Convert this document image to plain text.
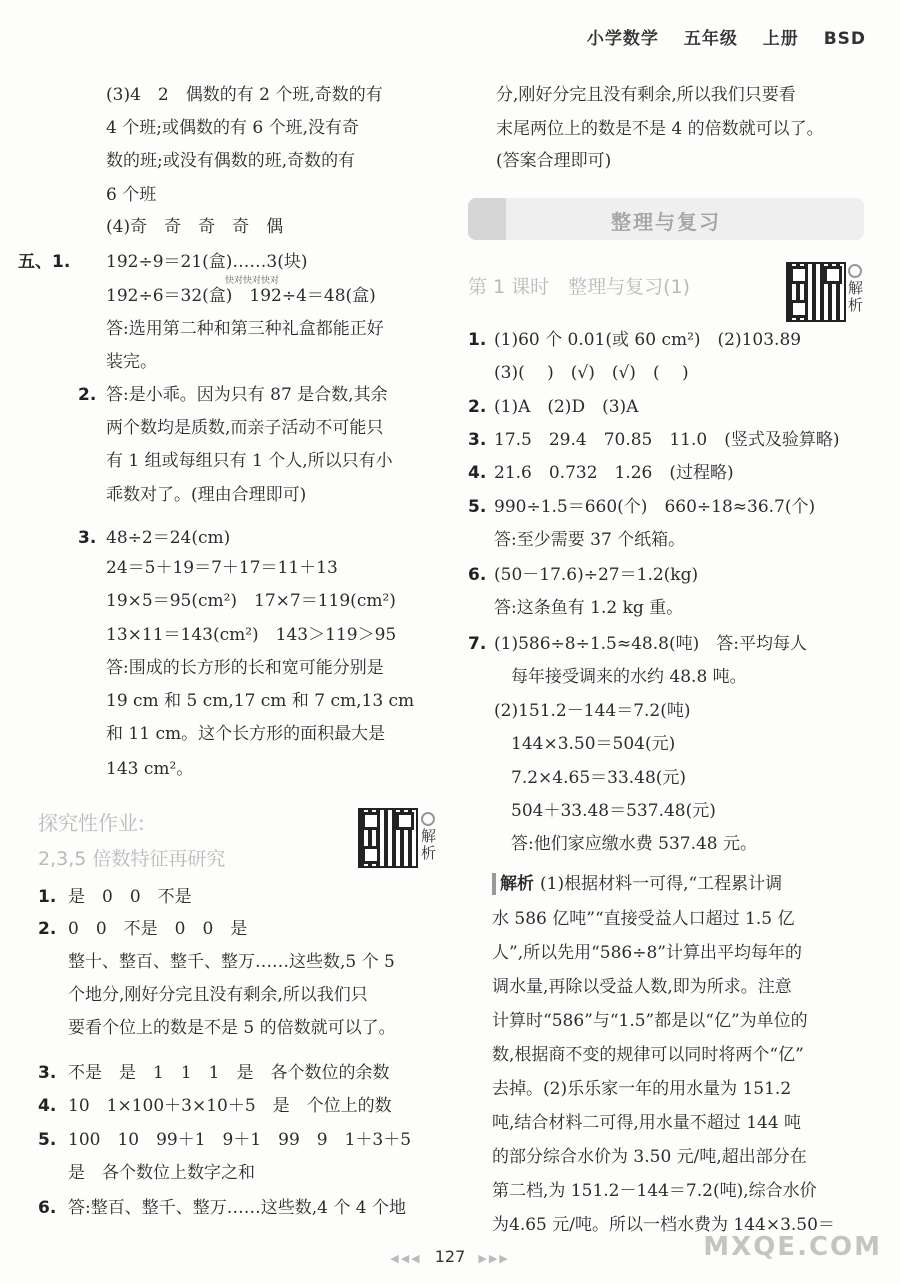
小学数学 五年级 上册 BSD
(3)4　2　偶数的有 2 个班,奇数的有
4 个班;或偶数的有 6 个班,没有奇
数的班;或没有偶数的班,奇数的有
6 个班
(4)奇　奇　奇　奇　偶
五、1. 192÷9＝21(盒)……3(块)
192÷6＝32(盒)　192÷4＝48(盒)
答:选用第二种和第三种礼盒都能正好
装完。
2. 答:是小乖。因为只有 87 是合数,其余
两个数均是质数,而亲子活动不可能只
有 1 组或每组只有 1 个人,所以只有小
乖数对了。(理由合理即可)
3. 48÷2＝24(cm)
24＝5＋19＝7＋17＝11＋13
19×5＝95(cm²)　17×7＝119(cm²)
13×11＝143(cm²)　143＞119＞95
答:围成的长方形的长和宽可能分别是
19 cm 和 5 cm,17 cm 和 7 cm,13 cm
和 11 cm。这个长方形的面积最大是
143 cm²。
探究性作业:
2,3,5 倍数特征再研究
解析
1. 是　0　0　不是
2. 0　0　不是　0　0　是
整十、整百、整千、整万……这些数,5 个 5
个地分,刚好分完且没有剩余,所以我们只
要看个位上的数是不是 5 的倍数就可以了。
3. 不是　是　1　1　1　是　各个数位的余数
4. 10　1×100＋3×10＋5　是　个位上的数
5. 100　10　99＋1　9＋1　99　9　1＋3＋5
是　各个数位上数字之和
6. 答:整百、整千、整万……这些数,4 个 4 个地
快对快对快对
分,刚好分完且没有剩余,所以我们只要看
末尾两位上的数是不是 4 的倍数就可以了。
(答案合理即可)
整理与复习
第 1 课时　整理与复习(1)	解析
1. (1)60 个 0.01(或 60 cm²)　(2)103.89
(3)(　 )　(√)　(√)　(　 )
2. (1)A　(2)D　(3)A
3. 17.5　29.4　70.85　11.0　(竖式及验算略)
4. 21.6　0.732　1.26　(过程略)
5. 990÷1.5＝660(个)　660÷18≈36.7(个)
答:至少需要 37 个纸箱。
6. (50－17.6)÷27＝1.2(kg)
答:这条鱼有 1.2 kg 重。
7. (1)586÷8÷1.5≈48.8(吨)　答:平均每人
　每年接受调来的水约 48.8 吨。
(2)151.2－144＝7.2(吨)
　144×3.50＝504(元)
　7.2×4.65＝33.48(元)
　504＋33.48＝537.48(元)
　答:他们家应缴水费 537.48 元。
解析 (1)根据材料一可得,“工程累计调
水 586 亿吨”“直接受益人口超过 1.5 亿
人”,所以先用“586÷8”计算出平均每年的
调水量,再除以受益人数,即为所求。注意
计算时“586”与“1.5”都是以“亿”为单位的
数,根据商不变的规律可以同时将两个“亿”
去掉。(2)乐乐家一年的用水量为 151.2
吨,结合材料二可得,用水量不超过 144 吨
的部分综合水价为 3.50 元/吨,超出部分在
第二档,为 151.2－144＝7.2(吨),综合水价
为4.65 元/吨。所以一档水费为 144×3.50＝
◀◀◀ 127 ▶▶▶	MXQE.COM
